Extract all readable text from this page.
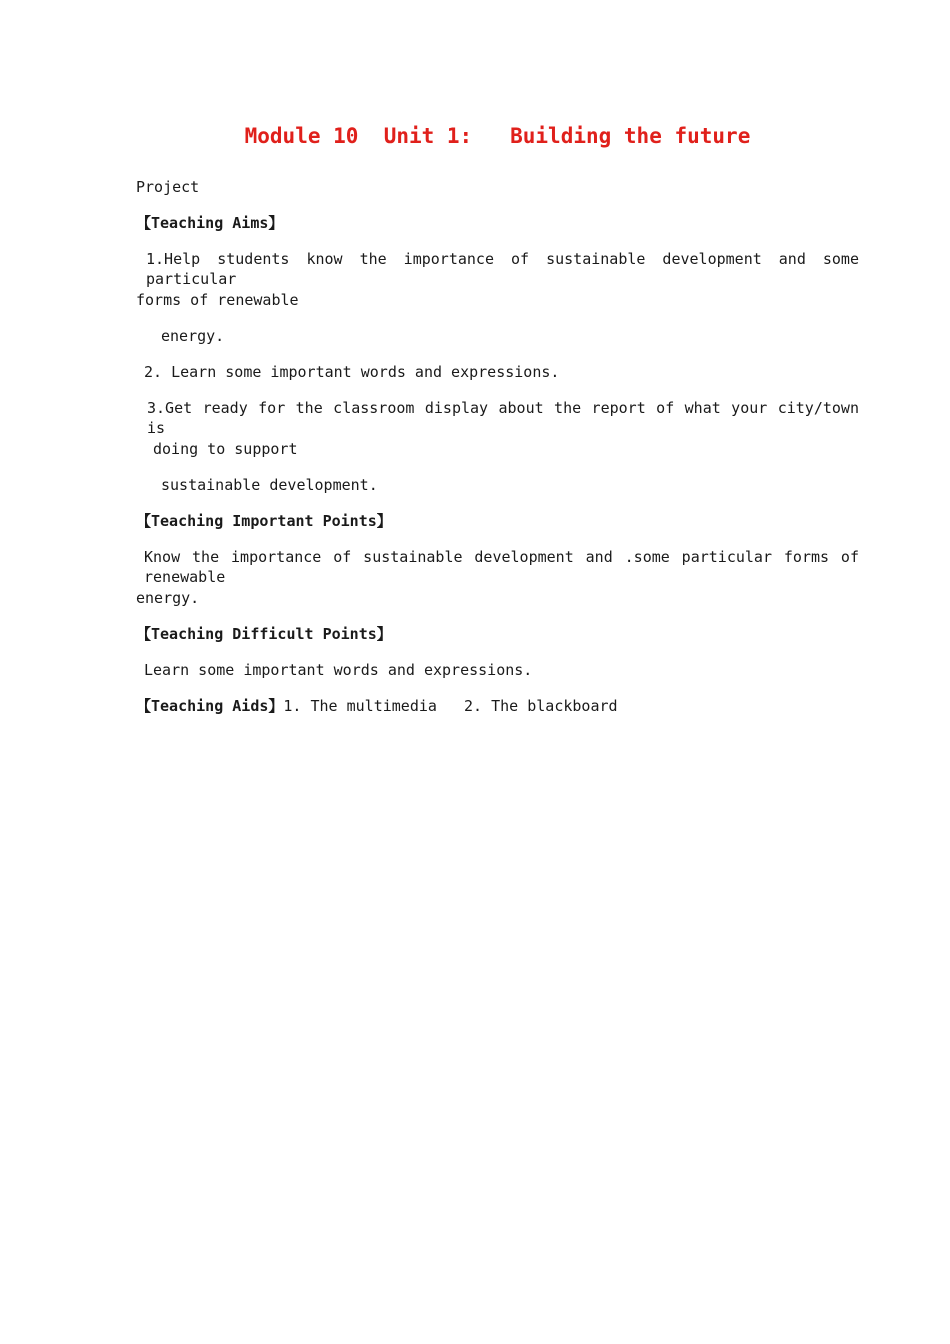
Module 10  Unit 1:   Building the future
Project
【Teaching Aims】
1.Help students know the importance of sustainable development and some particular
forms of renewable
energy.
2. Learn some important words and expressions.
3.Get ready for the classroom display about the report of what your city/town is
doing to support
sustainable development.
【Teaching Important Points】
Know the importance of sustainable development and .some particular forms of renewable
energy.
【Teaching Difficult Points】
Learn some important words and expressions.
【Teaching Aids】1. The multimedia   2. The blackboard
